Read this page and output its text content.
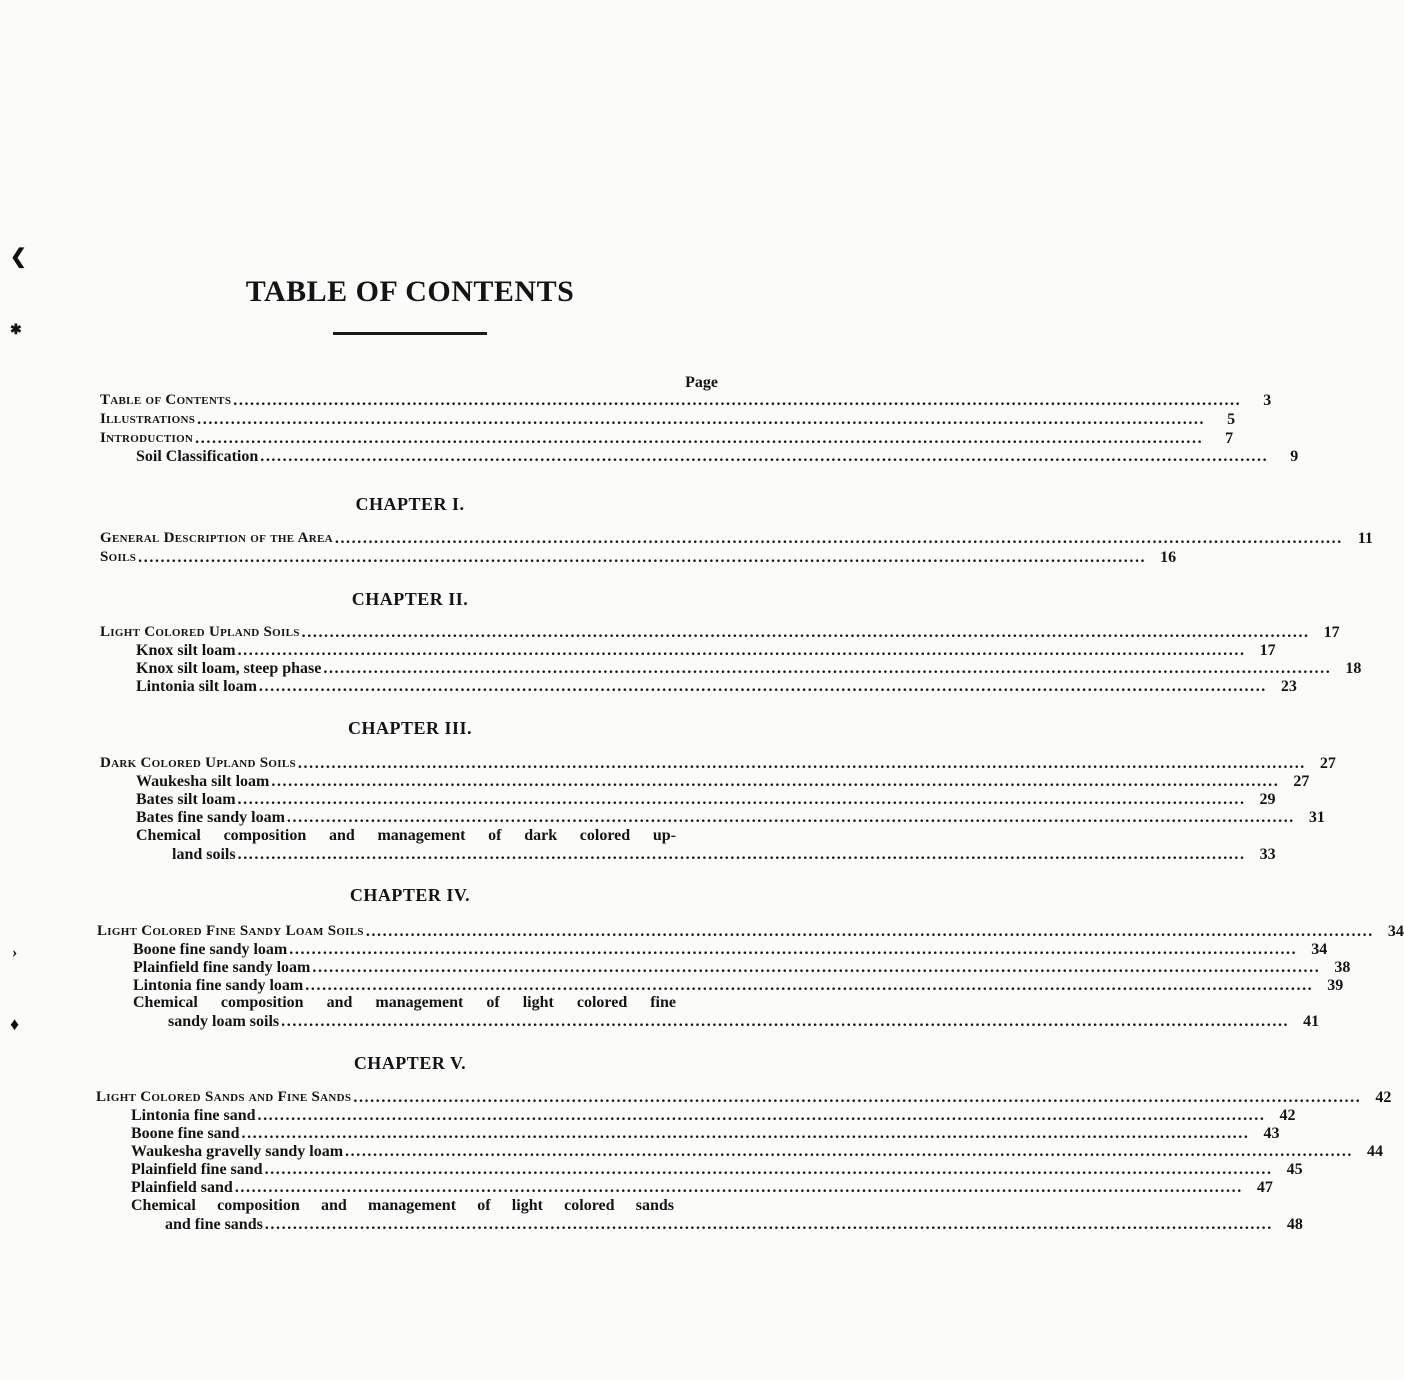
❮
✱
›
♦
TABLE OF CONTENTS
Page
Table of Contents ....................................................................................................................................................................................	3
Illustrations ....................................................................................................................................................................................	5
Introduction ....................................................................................................................................................................................	7
Soil Classification ....................................................................................................................................................................................	9
CHAPTER I.
General Description of the Area .................................................................................................................................................................................... 11
Soils .................................................................................................................................................................................... 16
CHAPTER II.
Light Colored Upland Soils .................................................................................................................................................................................... 17
Knox silt loam .................................................................................................................................................................................... 17
Knox silt loam, steep phase .................................................................................................................................................................................... 18
Lintonia silt loam .................................................................................................................................................................................... 23
CHAPTER III.
Dark Colored Upland Soils .................................................................................................................................................................................... 27
Waukesha silt loam .................................................................................................................................................................................... 27
Bates silt loam .................................................................................................................................................................................... 29
Bates fine sandy loam .................................................................................................................................................................................... 31
Chemical composition and management of dark colored up-
land soils .................................................................................................................................................................................... 33
CHAPTER IV.
Light Colored Fine Sandy Loam Soils .................................................................................................................................................................................... 34
Boone fine sandy loam .................................................................................................................................................................................... 34
Plainfield fine sandy loam .................................................................................................................................................................................... 38
Lintonia fine sandy loam .................................................................................................................................................................................... 39
Chemical composition and management of light colored fine
sandy loam soils .................................................................................................................................................................................... 41
CHAPTER V.
Light Colored Sands and Fine Sands .................................................................................................................................................................................... 42
Lintonia fine sand .................................................................................................................................................................................... 42
Boone fine sand .................................................................................................................................................................................... 43
Waukesha gravelly sandy loam .................................................................................................................................................................................... 44
Plainfield fine sand .................................................................................................................................................................................... 45
Plainfield sand .................................................................................................................................................................................... 47
Chemical composition and management of light colored sands
and fine sands .................................................................................................................................................................................... 48
